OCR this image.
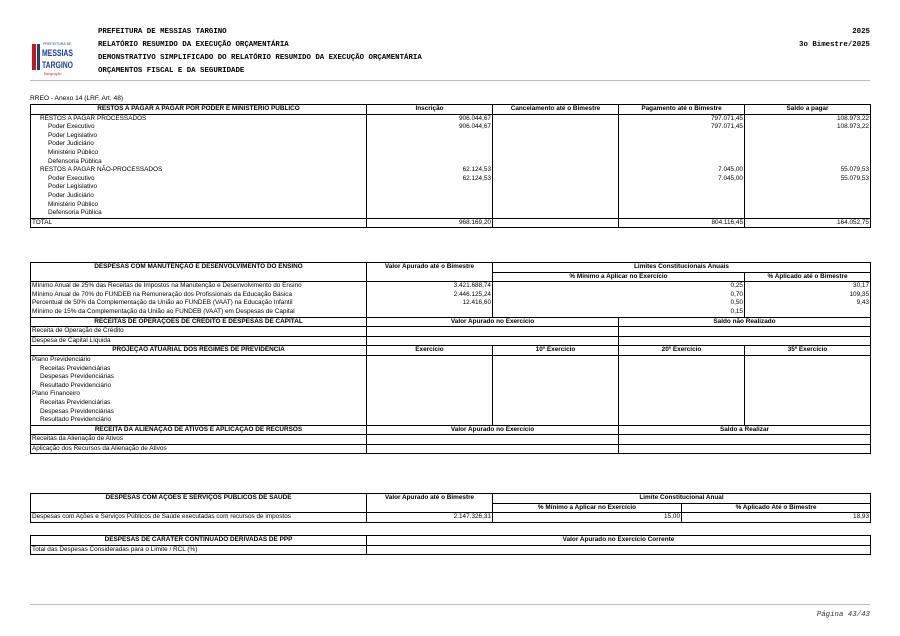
PREFEITURA DE
MESSIAS
TARGINO
Integração
PREFEITURA DE MESSIAS TARGINO
RELATÓRIO RESUMIDO DA EXECUÇÃO ORÇAMENTÁRIA
DEMONSTRATIVO SIMPLIFICADO DO RELATÓRIO RESUMIDO DA EXECUÇÃO ORÇAMENTÁRIA
ORÇAMENTOS FISCAL E DA SEGURIDADE
2025
3o Bimestre/2025
RREO - Anexo 14 (LRF, Art. 48)
RESTOS A PAGAR A PAGAR POR PODER E MINISTÉRIO PÚBLICO	Inscrição	Cancelamento até o Bimestre	Pagamento até o Bimestre	Saldo a pagar
RESTOS A PAGAR PROCESSADOS	906.044,67		797.071,45	108.973,22
Poder Executivo	906.044,67		797.071,45	108.973,22
Poder Legislativo				
Poder Judiciário				
Ministério Público				
Defensoria Pública				
RESTOS A PAGAR NÃO-PROCESSADOS	62.124,53		7.045,00	55.079,53
Poder Executivo	62.124,53		7.045,00	55.079,53
Poder Legislativo				
Poder Judiciário				
Ministério Público				
Defensoria Pública				
TOTAL	968.169,20		804.116,45	164.052,75
DESPESAS COM MANUTENÇÃO E DESENVOLVIMENTO DO ENSINO	Valor Apurado até o Bimestre	Limites Constitucionais Anuais		
		% Mínimo a Aplicar no Exercício		% Aplicado até o Bimestre
Mínimo Anual de 25% das Receitas de Impostos na Manutenção e Desenvolvimento do Ensino	3.421.688,74	0,25		30,17
Mínimo Anual de 70% do FUNDEB na Remuneração dos Profissionais da Educação Básica	2.446.125,24	0,70		109,35
Percentual de 50% da Complementação da União ao FUNDEB (VAAT) na Educação Infantil	12.416,60	0,50		9,43
Mínimo de 15% da Complementação da União ao FUNDEB (VAAT) em Despesas de Capital		0,15		
RECEITAS DE OPERAÇÕES DE CRÉDITO E DESPESAS DE CAPITAL	Valor Apurado no Exercício		Saldo não Realizado	
Receita de Operação de Crédito				
Despesa de Capital Líquida				
PROJEÇÃO ATUARIAL DOS REGIMES DE PREVIDÊNCIA	Exercício	10º Exercício	20º Exercício	35º Exercício
Plano Previdenciário				
Receitas Previdenciárias				
Despesas Previdenciárias				
Resultado Previdenciário				
Plano Financeiro				
Receitas Previdenciárias				
Despesas Previdenciárias				
Resultado Previdenciário				
RECEITA DA ALIENAÇÃO DE ATIVOS E APLICAÇÃO DE RECURSOS	Valor Apurado no Exercício		Saldo a Realizar	
Receitas da Alienação de Ativos				
Aplicação dos Recursos da Alienação de Ativos				
DESPESAS COM AÇÕES E SERVIÇOS PÚBLICOS DE SAÚDE	Valor Apurado até o Bimestre	Limite Constitucional Anual	
		% Mínimo a Aplicar no Exercício	% Aplicado Até o Bimestre
Despesas com Ações e Serviços Públicos de Saúde executadas com recursos de impostos	2.147.326,31	15,00	18,93
DESPESAS DE CARÁTER CONTINUADO DERIVADAS DE PPP	Valor Apurado no Exercício Corrente
Total das Despesas Consideradas para o Limite / RCL (%)	
Página 43/43
